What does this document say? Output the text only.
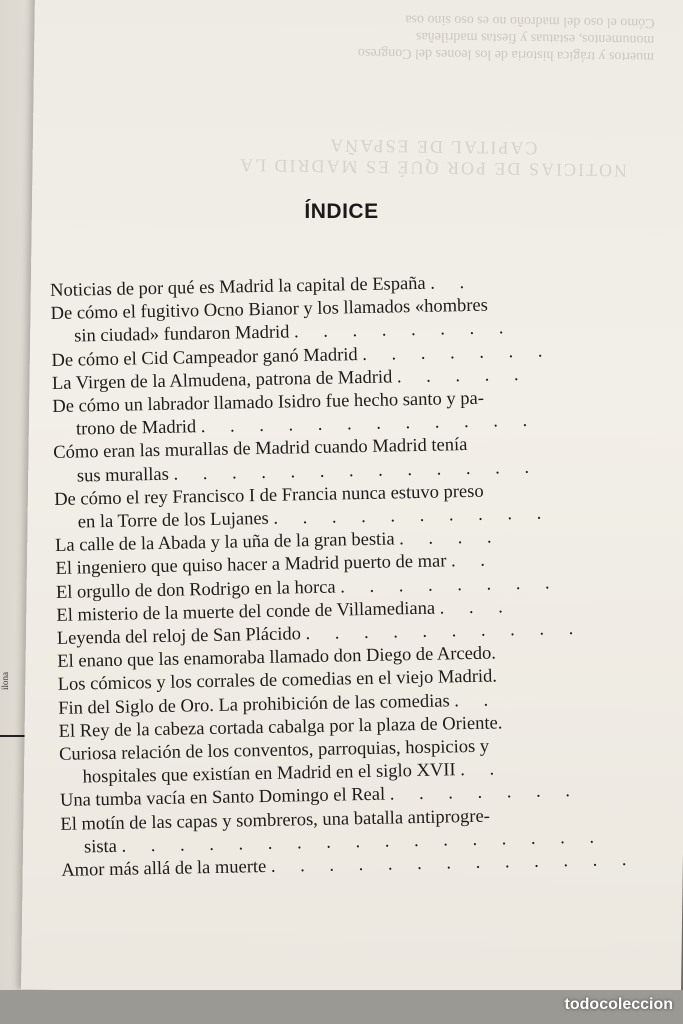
ilona
muertos y trágica historia de los leones del Congreso
monumentos, estatuas y fiestas madrileñas
Cómo el oso del madroño no es oso sino osa
NOTICIAS DE POR QUÉ ES MADRID LA CAPITAL DE ESPAÑA
ÍNDICE
Noticias de por qué es Madrid la capital de España . .
De cómo el fugitivo Ocno Bianor y los llamados «hombres
sin ciudad» fundaron Madrid . . . . . . . .
De cómo el Cid Campeador ganó Madrid . . . . . . .
La Virgen de la Almudena, patrona de Madrid . . . . .
De cómo un labrador llamado Isidro fue hecho santo y pa-
trono de Madrid . . . . . . . . . . . .
Cómo eran las murallas de Madrid cuando Madrid tenía
sus murallas . . . . . . . . . . . . .
De cómo el rey Francisco I de Francia nunca estuvo preso
en la Torre de los Lujanes . . . . . . . . . .
La calle de la Abada y la uña de la gran bestia . . . .
El ingeniero que quiso hacer a Madrid puerto de mar . .
El orgullo de don Rodrigo en la horca . . . . . . . .
El misterio de la muerte del conde de Villamediana . . .
Leyenda del reloj de San Plácido . . . . . . . . . .
El enano que las enamoraba llamado don Diego de Arcedo.
Los cómicos y los corrales de comedias en el viejo Madrid.
Fin del Siglo de Oro. La prohibición de las comedias . .
El Rey de la cabeza cortada cabalga por la plaza de Oriente.
Curiosa relación de los conventos, parroquias, hospicios y
hospitales que existían en Madrid en el siglo XVII . .
Una tumba vacía en Santo Domingo el Real . . . . . . .
El motín de las capas y sombreros, una batalla antiprogre-
sista . . . . . . . . . . . . . . . . .
Amor más allá de la muerte . . . . . . . . . . . . .
todocoleccion
